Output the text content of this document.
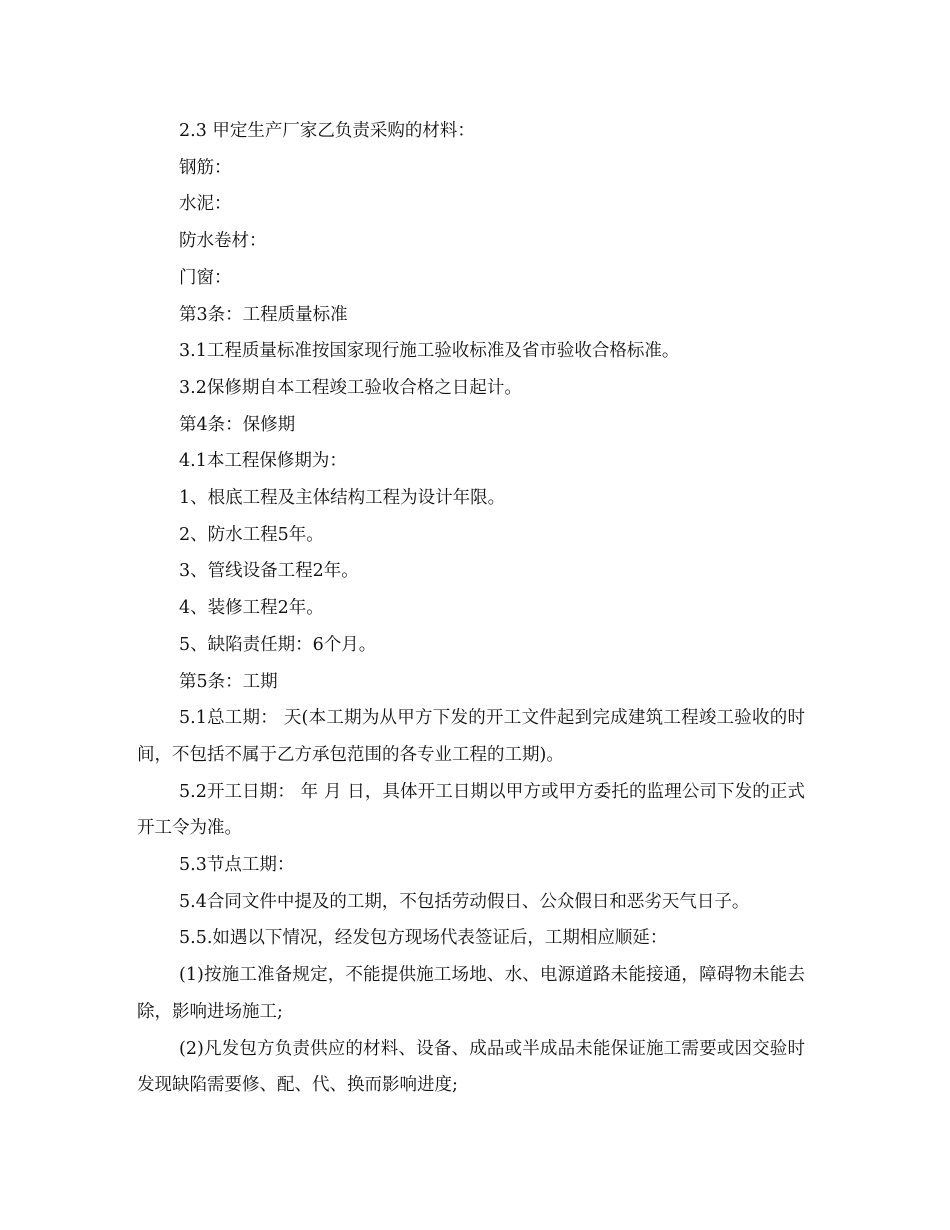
2.3 甲定生产厂家乙负责采购的材料：

钢筋：

水泥：

防水卷材：

门窗：

第3条：工程质量标准

3.1工程质量标准按国家现行施工验收标准及省市验收合格标准。

3.2保修期自本工程竣工验收合格之日起计。

第4条：保修期

4.1本工程保修期为：

1、根底工程及主体结构工程为设计年限。

2、防水工程5年。

3、管线设备工程2年。

4、装修工程2年。

5、缺陷责任期：6个月。

第5条：工期

5.1总工期： 天(本工期为从甲方下发的开工文件起到完成建筑工程竣工验收的时间，不包括不属于乙方承包范围的各专业工程的工期)。

5.2开工日期： 年 月 日，具体开工日期以甲方或甲方委托的监理公司下发的正式开工令为准。

5.3节点工期：

5.4合同文件中提及的工期，不包括劳动假日、公众假日和恶劣天气日子。

5.5.如遇以下情况，经发包方现场代表签证后，工期相应顺延：

(1)按施工准备规定，不能提供施工场地、水、电源道路未能接通，障碍物未能去除，影响进场施工;

(2)凡发包方负责供应的材料、设备、成品或半成品未能保证施工需要或因交验时发现缺陷需要修、配、代、换而影响进度;
